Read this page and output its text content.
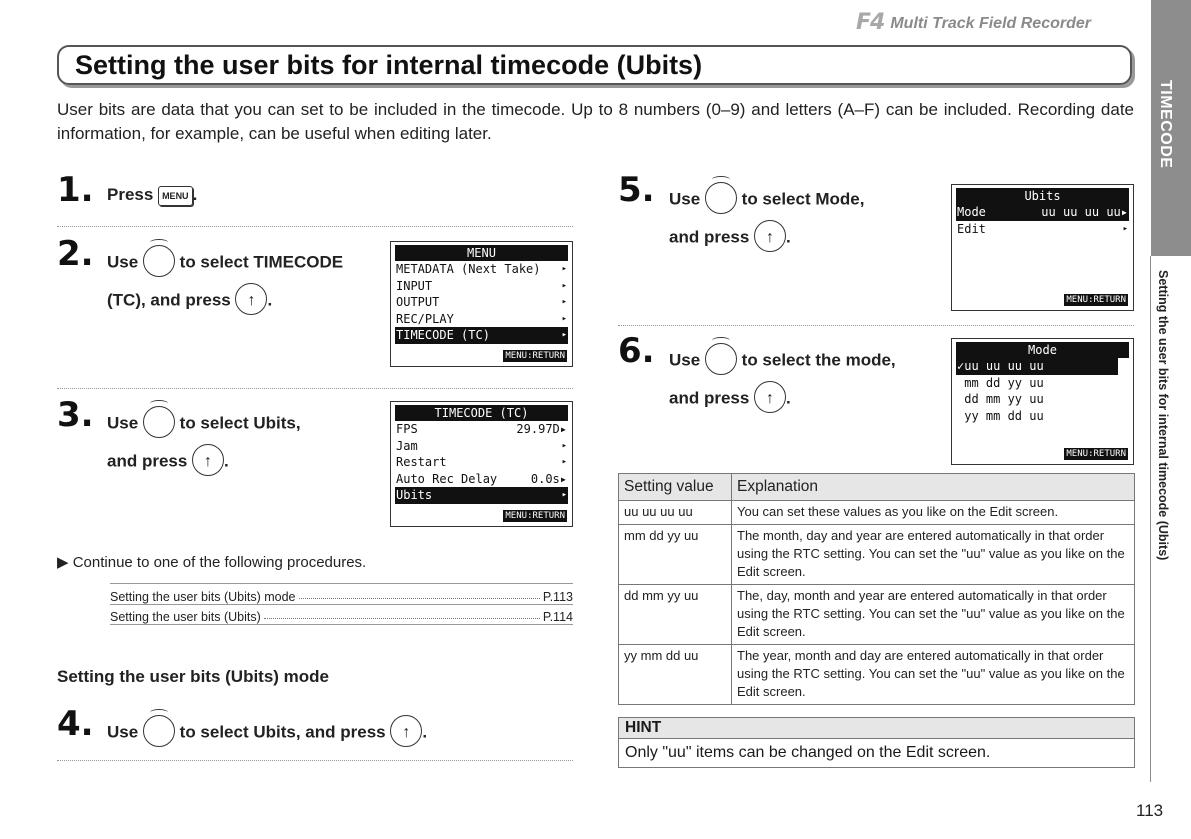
F4 Multi Track Field Recorder
Setting the user bits for internal timecode (Ubits)
User bits are data that you can set to be included in the timecode. Up to 8 numbers (0–9) and letters (A–F) can be included. Recording date information, for example, can be useful when editing later.	TIMECODE
Setting the user bits for internal timecode (Ubits)
113
1. Press MENU .
2. Use to select TIMECODE
(TC), and press ↑ .
MENU
METADATA (Next Take) ▸
INPUT	▸
OUTPUT	▸
REC/PLAY	▸
TIMECODE (TC)	▸
MENU:RETURN
3. Use to select Ubits,
and press ↑ .
TIMECODE (TC)
FPS	29.97D▸
Jam	▸
Restart	▸
Auto Rec Delay	0.0s▸
Ubits	▸
MENU:RETURN
▶ Continue to one of the following procedures.
Setting the user bits (Ubits) mode	P.113
Setting the user bits (Ubits)	P.114
Setting the user bits (Ubits) mode
4. Use to select Ubits, and press ↑ .
5. Use to select Mode,
and press ↑ .
Ubits
Mode	uu uu uu uu▸
Edit	▸
MENU:RETURN
6. Use to select the mode,
and press ↑ .
Mode
✓uu uu uu uu
mm dd yy uu
dd mm yy uu
yy mm dd uu
MENU:RETURN
Setting value	Explanation
uu uu uu uu	You can set these values as you like on the Edit screen.
mm dd yy uu	The month, day and year are entered automatically in that order using the RTC setting. You can set the "uu" value as you like on the Edit screen.
dd mm yy uu	The, day, month and year are entered automatically in that order using the RTC setting. You can set the "uu" value as you like on the Edit screen.
yy mm dd uu	The year, month and day are entered automatically in that order using the RTC setting. You can set the "uu" value as you like on the Edit screen.
HINT
Only "uu" items can be changed on the Edit screen.
